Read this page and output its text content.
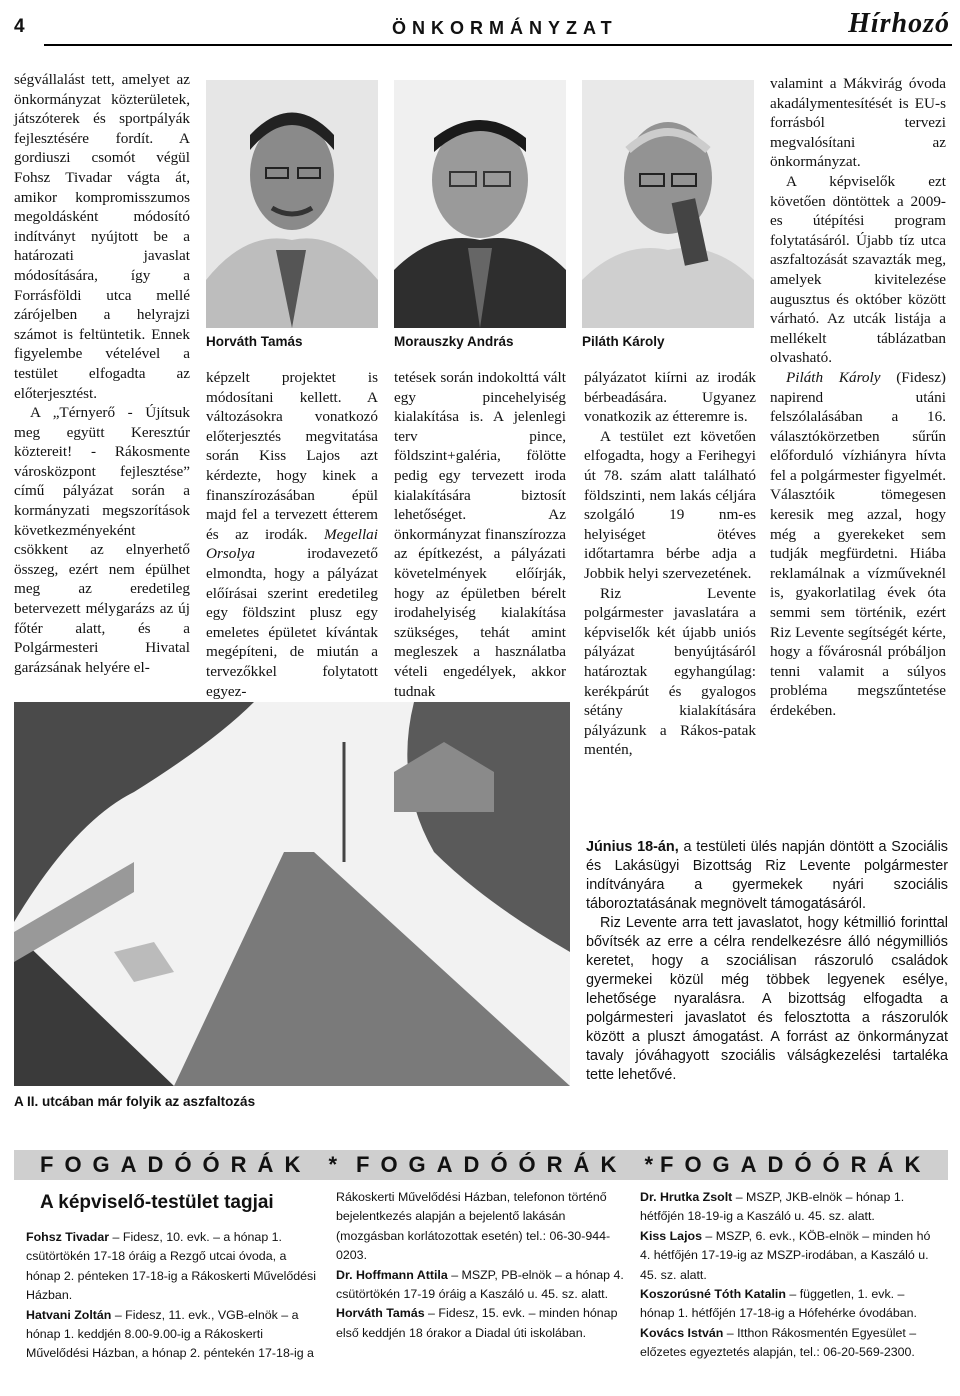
4	ÖNKORMÁNYZAT	Hírhozó

ségvállalást tett, amelyet az önkormányzat közterületek, játszóterek és sportpályák fejlesztésére fordít. A gordiuszi csomót végül Fohsz Tivadar vágta át, amikor kompromisszumos megoldásként módosító indítványt nyújtott be a határozati javaslat módosítására, így a Forrásföldi utca mellé zárójelben a helyrajzi számot is feltüntetik. Ennek figyelembe vételével a testület elfogadta az előterjesztést.

A „Térnyerő - Újítsuk meg együtt Keresztúr köztereit! - Rákosmente városközpont fejlesztése” című pályázat során a kormányzati megszorítások következményeként csökkent az elnyerhető összeg, ezért nem épülhet meg az eredetileg betervezett mélygarázs az új főtér alatt, és a Polgármesteri Hivatal garázsának helyére el-

Horváth Tamás	Morauszky András	Piláth Károly

képzelt projektet is módosítani kellett. A változásokra vonatkozó előterjesztés megvitatása során Kiss Lajos azt kérdezte, hogy kinek a finanszírozásában épül majd fel a tervezett étterem és az irodák. Megellai Orsolya irodavezető elmondta, hogy a pályázat előírásai szerint eredetileg egy földszint plusz egy emeletes épületet kívántak megépíteni, de miután a tervezőkkel folytatott egyez-

tetések során indokolttá vált egy pincehelyiség kialakítása is. A jelenlegi terv pince, földszint+galéria, fölötte pedig egy tervezett iroda kialakítására biztosít lehetőséget. Az önkormányzat finanszírozza az építkezést, a pályázati követelmények előírják, hogy az épületben bérelt irodahelyiség kialakítása szükséges, tehát amint megleszek a használatba vételi engedélyek, akkor tudnak

pályázatot kiírni az irodák bérbeadására. Ugyanez vonatkozik az étteremre is.

A testület ezt követően elfogadta, hogy a Ferihegyi út 78. szám alatt található földszinti, nem lakás céljára szolgáló 19 nm-es helyiséget ötéves időtartamra bérbe adja a Jobbik helyi szervezetének.

Riz Levente polgármester javaslatára a képviselők két újabb uniós pályázat benyújtásáról határoztak egyhangúlag: kerékpárút és gyalogos sétány kialakítására pályázunk a Rákos-patak mentén,

valamint a Mákvirág óvoda akadálymentesítését is EU-s forrásból tervezi megvalósítani az önkormányzat.

A képviselők ezt követően döntöttek a 2009-es útépítési program folytatásáról. Újabb tíz utca aszfaltozását szavazták meg, amelyek kivitelezése augusztus és október között várható. Az utcák listája a mellékelt táblázatban olvasható.

Piláth Károly (Fidesz) napirend utáni felszólalásában a 16. választókörzetben sűrűn előforduló vízhiányra hívta fel a polgármester figyelmét. Választóik tömegesen keresik meg azzal, hogy még a gyerekeket sem tudják megfürdetni. Hiába reklamálnak a vízműveknél is, gyakorlatilag évek óta semmi sem történik, ezért Riz Levente segítségét kérte, hogy a fővárosnál próbáljon tenni valamit a súlyos probléma megszűntetése érdekében.

A II. utcában már folyik az aszfaltozás

Június 18-án, a testületi ülés napján döntött a Szociális és Lakásügyi Bizottság Riz Levente polgármester indítványára a gyermekek nyári szociális táboroztatásának megnövelt támogatásáról.

Riz Levente arra tett javaslatot, hogy kétmillió forinttal bővítsék az erre a célra rendelkezésre álló négymilliós keretet, hogy a szociálisan rászoruló családok gyermekei közül még többek legyenek esélye, lehetősége nyaralásra. A bizottság elfogadta a polgármesteri javaslatot és felosztotta a rászorulók között a pluszt ámogatást. A forrást az önkormányzat tavaly jóváhagyott szociális válságkezelési tartaléka tette lehetővé.

FOGADÓÓRÁK * FOGADÓÓRÁK *
FOGADÓÓRÁK
A képviselő-testület tagjai

Fohsz Tivadar – Fidesz, 10. evk. – a hónap 1. csütörtökén 17-18 óráig a Rezgő utcai óvoda, a hónap 2. pénteken 17-18-ig a Rákoskerti Művelődési Házban.

Hatvani Zoltán – Fidesz, 11. evk., VGB-elnök – a hónap 1. keddjén 8.00-9.00-ig a Rákoskerti Művelődési Házban, a hónap 2. péntekén 17-18-ig a

Rákoskerti Művelődési Házban, telefonon történő bejelentkezés alapján a bejelentő lakásán (mozgásban korlátozottak esetén) tel.: 06-30-944-0203.

Dr. Hoffmann Attila – MSZP, PB-elnök – a hónap 4. csütörtökén 17-19 óráig a Kaszáló u. 45. sz. alatt.

Horváth Tamás – Fidesz, 15. evk. – minden hónap első keddjén 18 órakor a Diadal úti iskolában.

Dr. Hrutka Zsolt – MSZP, JKB-elnök – hónap 1. hétfőjén 18-19-ig a Kaszáló u. 45. sz. alatt.

Kiss Lajos – MSZP, 6. evk., KÖB-elnök – minden hó 4. hétfőjén 17-19-ig az MSZP-irodában, a Kaszáló u. 45. sz. alatt.

Koszorúsné Tóth Katalin – független, 1. evk. – hónap 1. hétfőjén 17-18-ig a Hófehérke óvodában.

Kovács István – Itthon Rákosmentén Egyesület – előzetes egyeztetés alapján, tel.: 06-20-569-2300.
